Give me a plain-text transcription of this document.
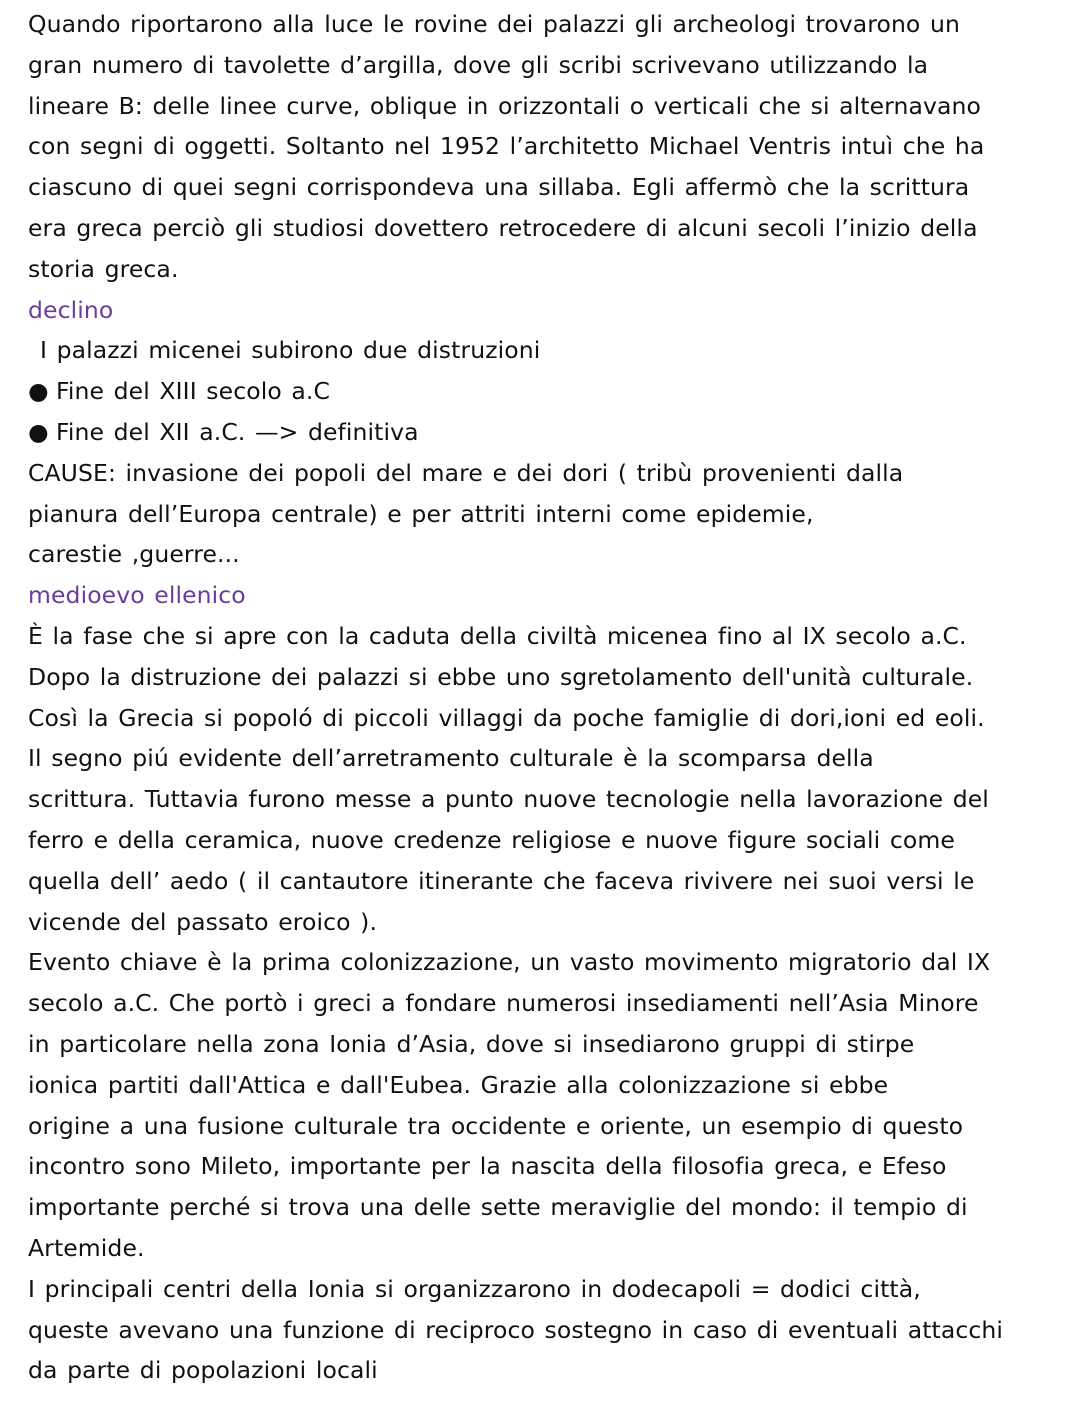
Quando riportarono alla luce le rovine dei palazzi gli archeologi trovarono un
gran numero di tavolette d’argilla, dove gli scribi scrivevano utilizzando la
lineare B: delle linee curve, oblique in orizzontali o verticali che si alternavano
con segni di oggetti. Soltanto nel 1952 l’architetto Michael Ventris intuì che ha
ciascuno di quei segni corrispondeva una sillaba. Egli affermò che la scrittura
era greca perciò gli studiosi dovettero retrocedere di alcuni secoli l’inizio della
storia greca.
declino
I palazzi micenei subirono due distruzioni
● Fine del XIII secolo a.C
● Fine del XII a.C. —> definitiva
CAUSE: invasione dei popoli del mare e dei dori ( tribù provenienti dalla
pianura dell’Europa centrale) e per attriti interni come epidemie,
carestie ,guerre...
medioevo ellenico
È la fase che si apre con la caduta della civiltà micenea fino al IX secolo a.C.
Dopo la distruzione dei palazzi si ebbe uno sgretolamento dell'unità culturale.
Così la Grecia si popoló di piccoli villaggi da poche famiglie di dori,ioni ed eoli.
Il segno piú evidente dell’arretramento culturale è la scomparsa della
scrittura. Tuttavia furono messe a punto nuove tecnologie nella lavorazione del
ferro e della ceramica, nuove credenze religiose e nuove figure sociali come
quella dell’ aedo ( il cantautore itinerante che faceva rivivere nei suoi versi le
vicende del passato eroico ).
Evento chiave è la prima colonizzazione, un vasto movimento migratorio dal IX
secolo a.C. Che portò i greci a fondare numerosi insediamenti nell’Asia Minore
in particolare nella zona Ionia d’Asia, dove si insediarono gruppi di stirpe
ionica partiti dall'Attica e dall'Eubea. Grazie alla colonizzazione si ebbe
origine a una fusione culturale tra occidente e oriente, un esempio di questo
incontro sono Mileto, importante per la nascita della filosofia greca, e Efeso
importante perché si trova una delle sette meraviglie del mondo: il tempio di
Artemide.
I principali centri della Ionia si organizzarono in dodecapoli = dodici città,
queste avevano una funzione di reciproco sostegno in caso di eventuali attacchi
da parte di popolazioni locali
